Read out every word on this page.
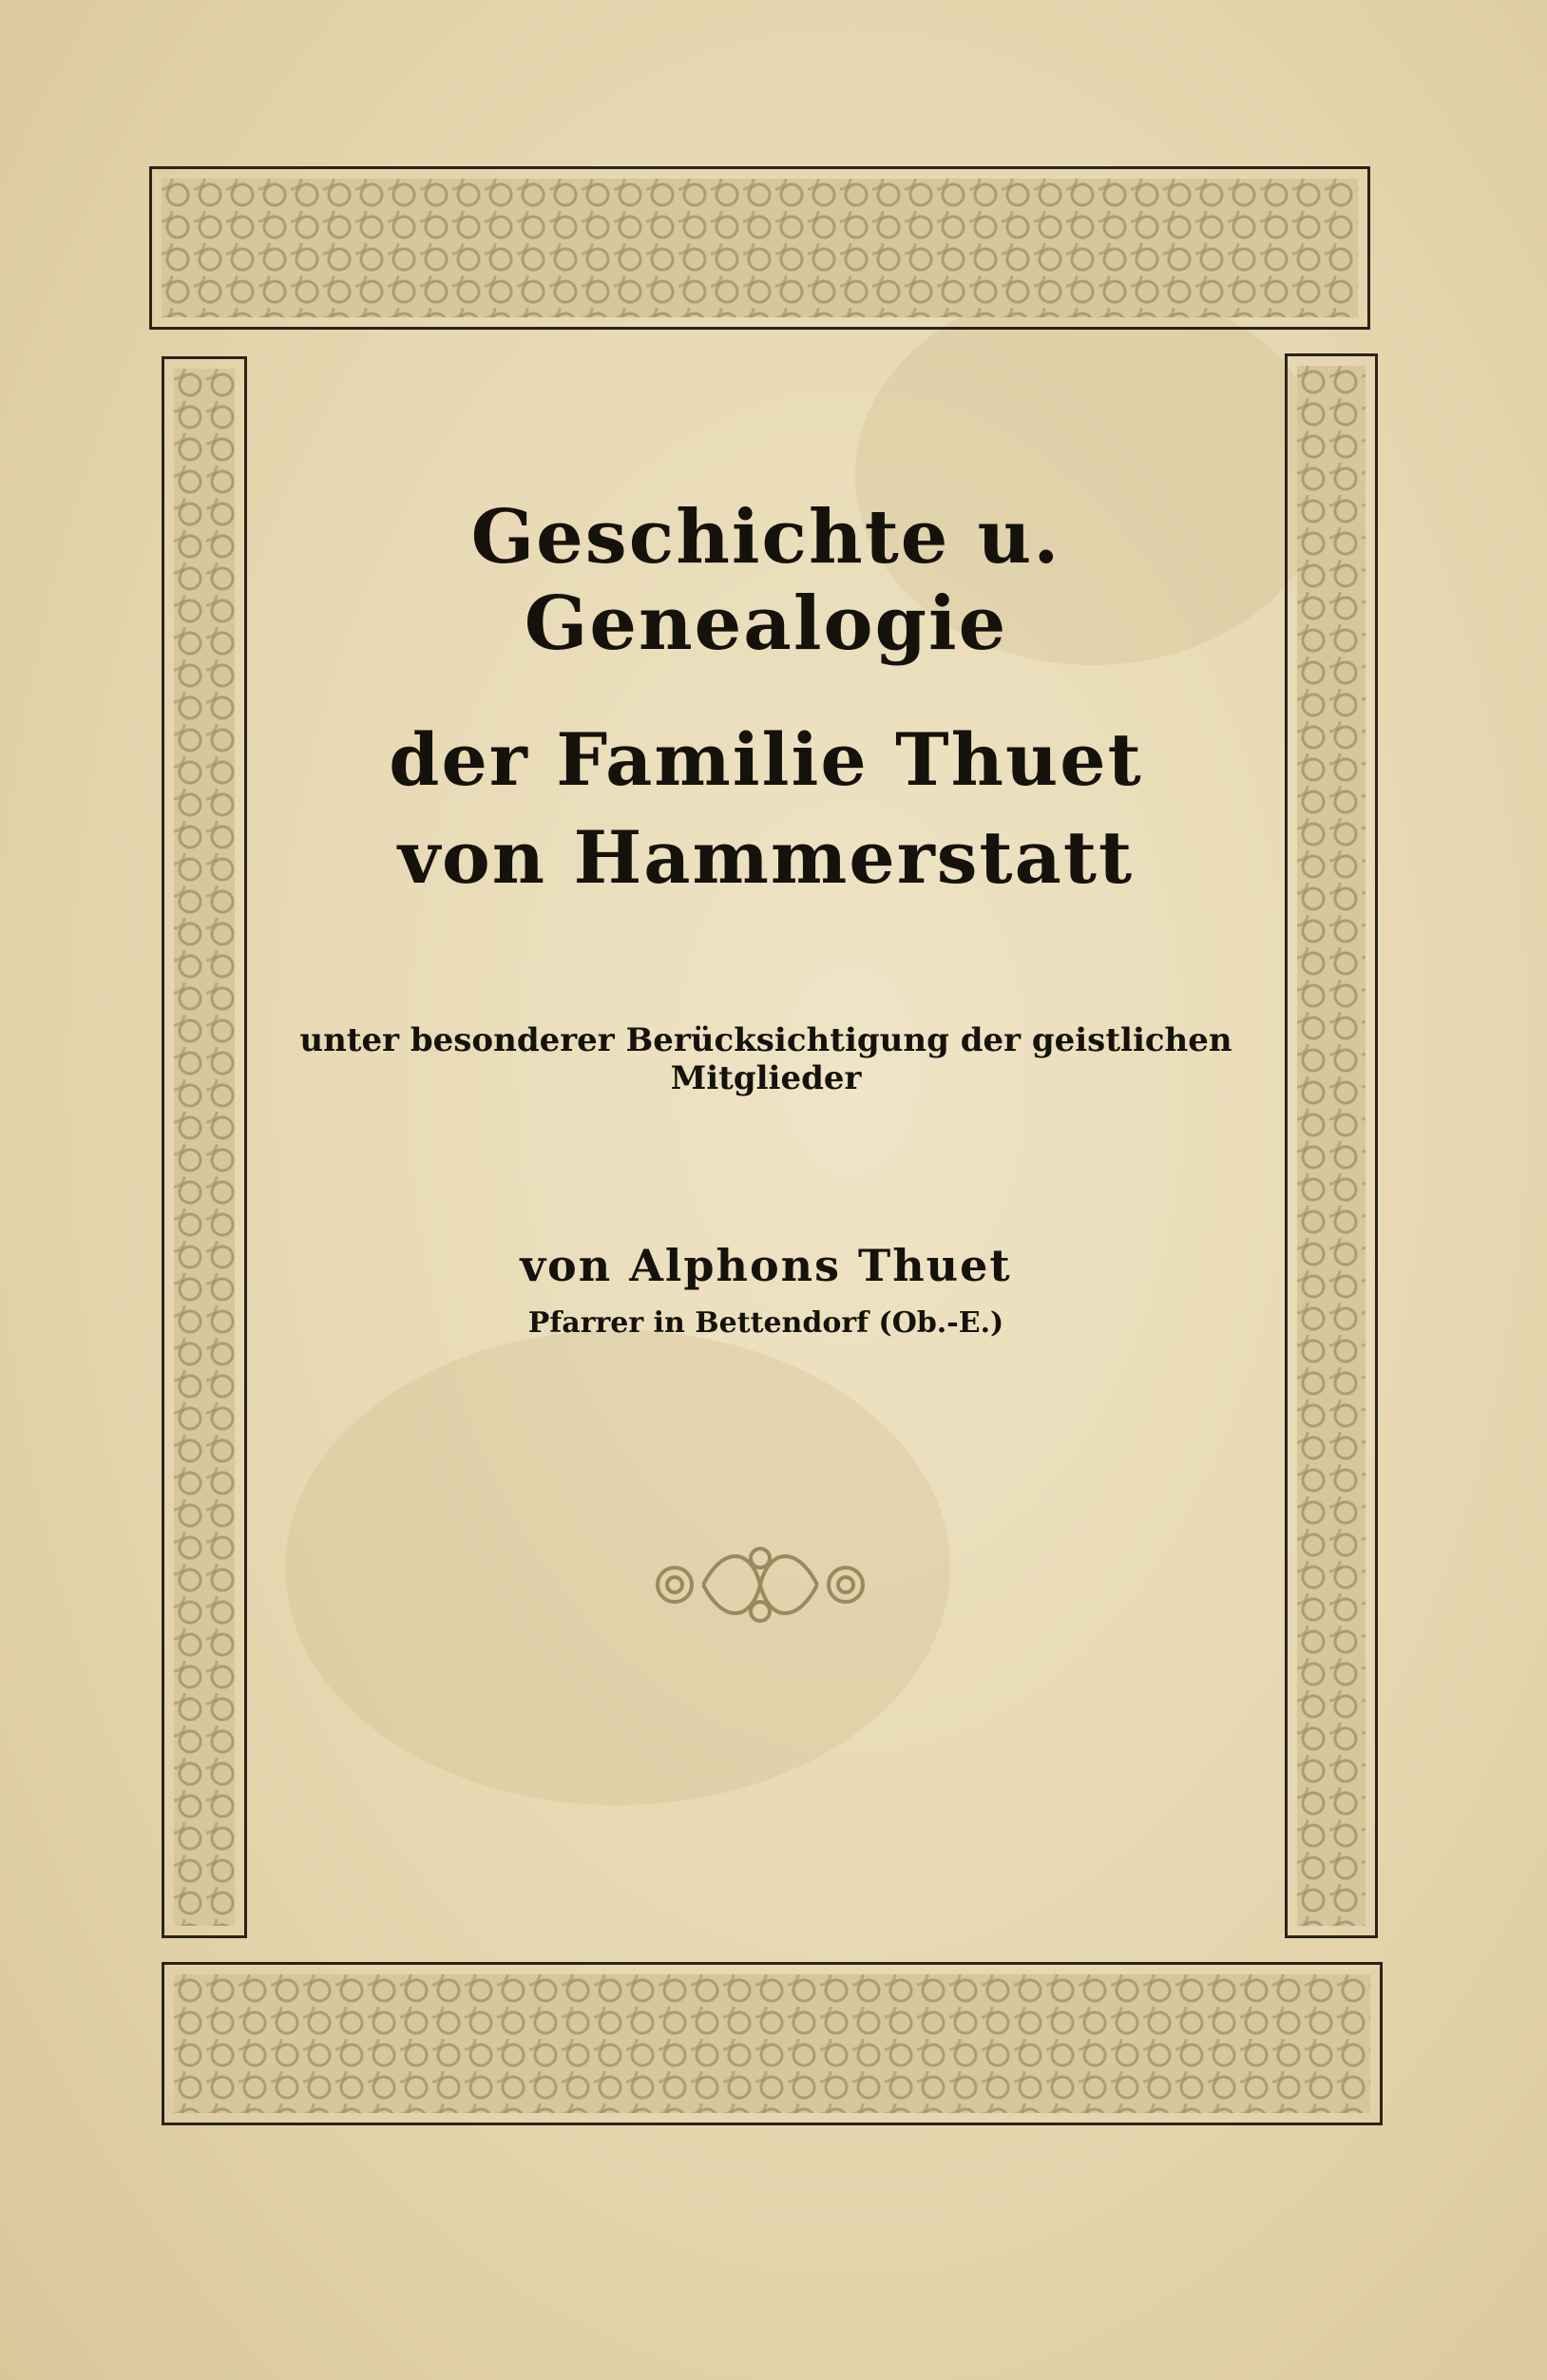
Geschichte u. Genealogie
der Familie Thuet
von Hammerstatt
unter besonderer Berücksichtigung der geistlichen Mitglieder
von Alphons Thuet
Pfarrer in Bettendorf (Ob.-E.)
